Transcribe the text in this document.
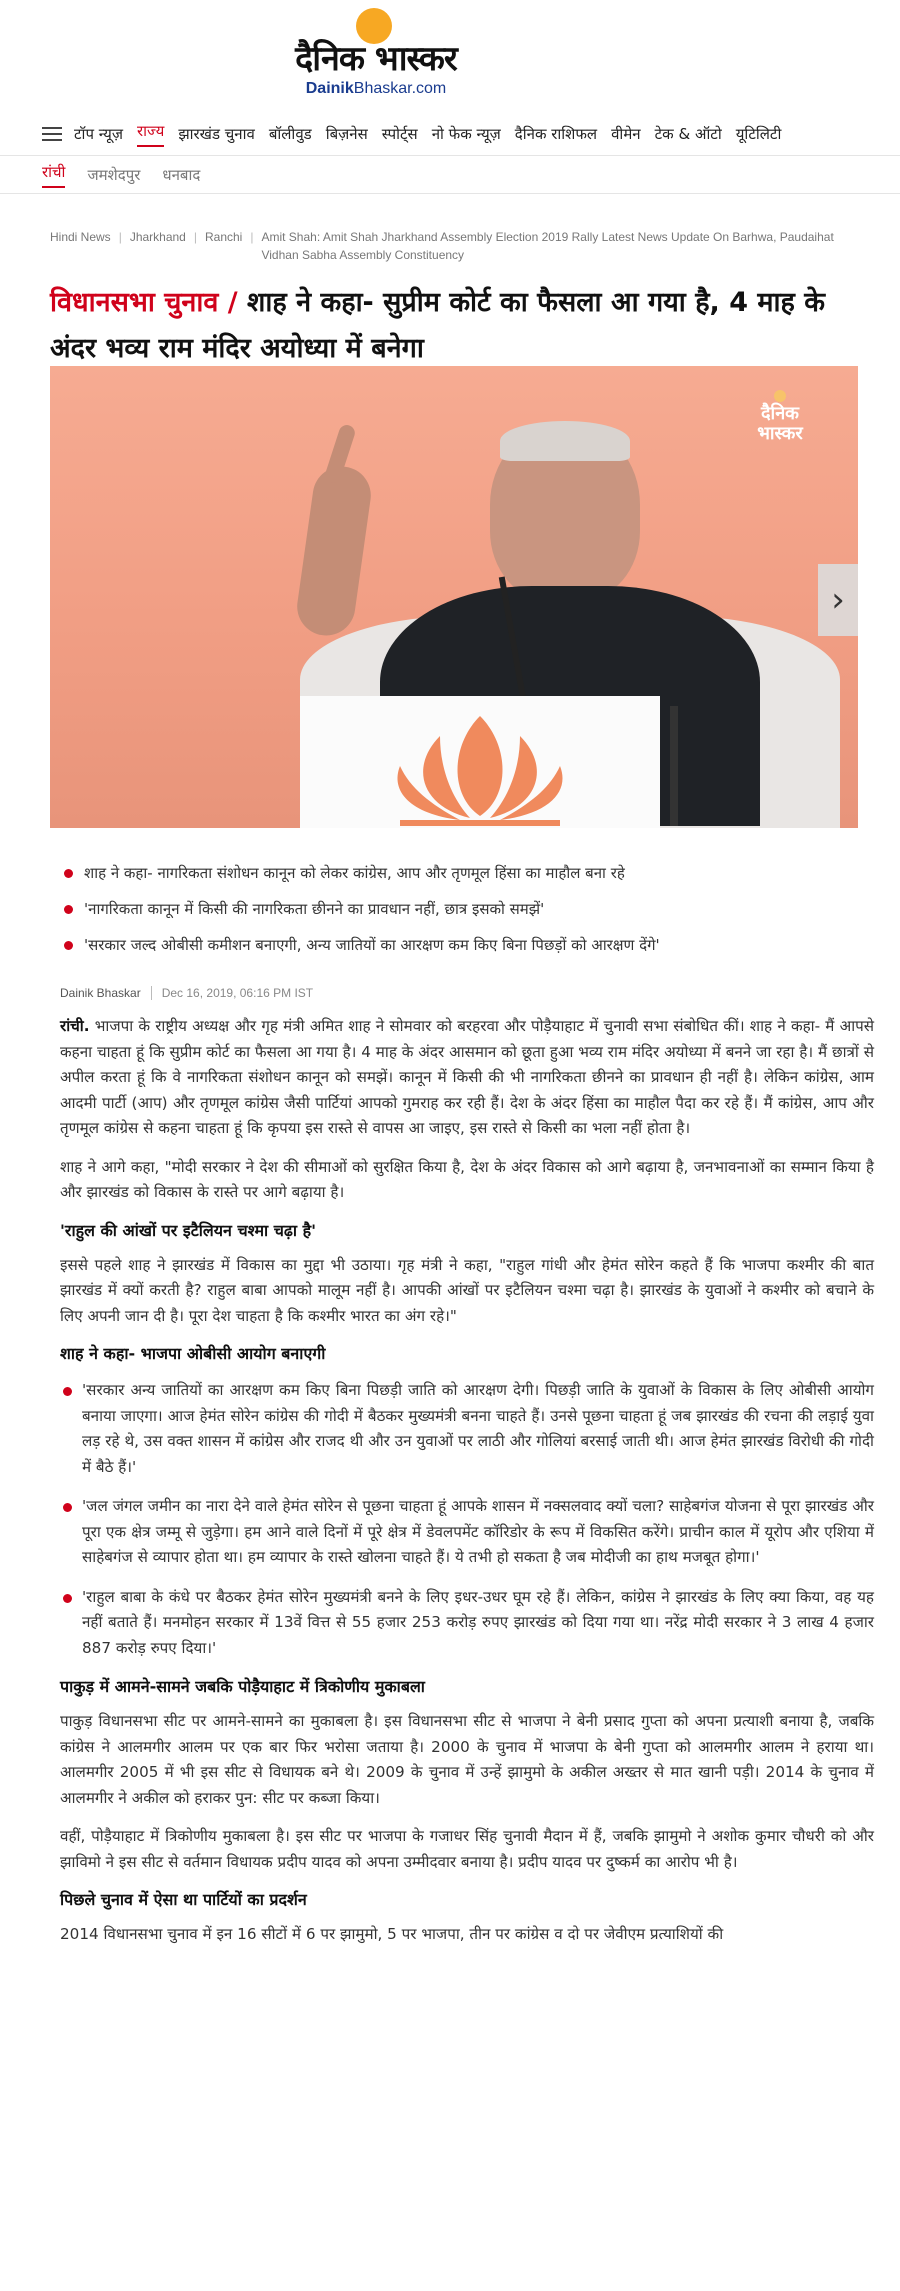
दैनिक भास्कर
DainikBhaskar.com
टॉप न्यूज़ राज्य झारखंड चुनाव बॉलीवुड बिज़नेस स्पोर्ट्स नो फेक न्यूज़ दैनिक राशिफल वीमेन टेक & ऑटो यूटिलिटी
रांची जमशेदपुर धनबाद
Hindi News | Jharkhand | Ranchi | Amit Shah: Amit Shah Jharkhand Assembly Election 2019 Rally Latest News Update On Barhwa, Paudaihat Vidhan Sabha Assembly Constituency
विधानसभा चुनाव / शाह ने कहा- सुप्रीम कोर्ट का फैसला आ गया है, 4 माह के अंदर भव्य राम मंदिर अयोध्या में बनेगा
दैनिक
भास्कर
›
शाह ने कहा- नागरिकता संशोधन कानून को लेकर कांग्रेस, आप और तृणमूल हिंसा का माहौल बना रहे
'नागरिकता कानून में किसी की नागरिकता छीनने का प्रावधान नहीं, छात्र इसको समझें'
'सरकार जल्द ओबीसी कमीशन बनाएगी, अन्य जातियों का आरक्षण कम किए बिना पिछड़ों को आरक्षण देंगे'
Dainik Bhaskar Dec 16, 2019, 06:16 PM IST

रांची. भाजपा के राष्ट्रीय अध्यक्ष और गृह मंत्री अमित शाह ने सोमवार को बरहरवा और पोड़ैयाहाट में चुनावी सभा संबोधित कीं। शाह ने कहा- मैं आपसे कहना चाहता हूं कि सुप्रीम कोर्ट का फैसला आ गया है। 4 माह के अंदर आसमान को छूता हुआ भव्य राम मंदिर अयोध्या में बनने जा रहा है। मैं छात्रों से अपील करता हूं कि वे नागरिकता संशोधन कानून को समझें। कानून में किसी की भी नागरिकता छीनने का प्रावधान ही नहीं है। लेकिन कांग्रेस, आम आदमी पार्टी (आप) और तृणमूल कांग्रेस जैसी पार्टियां आपको गुमराह कर रही हैं। देश के अंदर हिंसा का माहौल पैदा कर रहे हैं। मैं कांग्रेस, आप और तृणमूल कांग्रेस से कहना चाहता हूं कि कृपया इस रास्ते से वापस आ जाइए, इस रास्ते से किसी का भला नहीं होता है।

शाह ने आगे कहा, "मोदी सरकार ने देश की सीमाओं को सुरक्षित किया है, देश के अंदर विकास को आगे बढ़ाया है, जनभावनाओं का सम्मान किया है और झारखंड को विकास के रास्ते पर आगे बढ़ाया है।

'राहुल की आंखों पर इटैलियन चश्मा चढ़ा है'

इससे पहले शाह ने झारखंड में विकास का मुद्दा भी उठाया। गृह मंत्री ने कहा, "राहुल गांधी और हेमंत सोरेन कहते हैं कि भाजपा कश्मीर की बात झारखंड में क्यों करती है? राहुल बाबा आपको मालूम नहीं है। आपकी आंखों पर इटैलियन चश्मा चढ़ा है। झारखंड के युवाओं ने कश्मीर को बचाने के लिए अपनी जान दी है। पूरा देश चाहता है कि कश्मीर भारत का अंग रहे।"

शाह ने कहा- भाजपा ओबीसी आयोग बनाएगी
'सरकार अन्य जातियों का आरक्षण कम किए बिना पिछड़ी जाति को आरक्षण देगी। पिछड़ी जाति के युवाओं के विकास के लिए ओबीसी आयोग बनाया जाएगा। आज हेमंत सोरेन कांग्रेस की गोदी में बैठकर मुख्यमंत्री बनना चाहते हैं। उनसे पूछना चाहता हूं जब झारखंड की रचना की लड़ाई युवा लड़ रहे थे, उस वक्त शासन में कांग्रेस और राजद थी और उन युवाओं पर लाठी और गोलियां बरसाई जाती थी। आज हेमंत झारखंड विरोधी की गोदी में बैठे हैं।'
'जल जंगल जमीन का नारा देने वाले हेमंत सोरेन से पूछना चाहता हूं आपके शासन में नक्सलवाद क्यों चला? साहेबगंज योजना से पूरा झारखंड और पूरा एक क्षेत्र जम्मू से जुड़ेगा। हम आने वाले दिनों में पूरे क्षेत्र में डेवलपमेंट कॉरिडोर के रूप में विकसित करेंगे। प्राचीन काल में यूरोप और एशिया में साहेबगंज से व्यापार होता था। हम व्यापार के रास्ते खोलना चाहते हैं। ये तभी हो सकता है जब मोदीजी का हाथ मजबूत होगा।'
'राहुल बाबा के कंधे पर बैठकर हेमंत सोरेन मुख्यमंत्री बनने के लिए इधर-उधर घूम रहे हैं। लेकिन, कांग्रेस ने झारखंड के लिए क्या किया, वह यह नहीं बताते हैं। मनमोहन सरकार में 13वें वित्त से 55 हजार 253 करोड़ रुपए झारखंड को दिया गया था। नरेंद्र मोदी सरकार ने 3 लाख 4 हजार 887 करोड़ रुपए दिया।'
पाकुड़ में आमने-सामने जबकि पोड़ैयाहाट में त्रिकोणीय मुकाबला

पाकुड़ विधानसभा सीट पर आमने-सामने का मुकाबला है। इस विधानसभा सीट से भाजपा ने बेनी प्रसाद गुप्ता को अपना प्रत्याशी बनाया है, जबकि कांग्रेस ने आलमगीर आलम पर एक बार फिर भरोसा जताया है। 2000 के चुनाव में भाजपा के बेनी गुप्ता को आलमगीर आलम ने हराया था। आलमगीर 2005 में भी इस सीट से विधायक बने थे। 2009 के चुनाव में उन्हें झामुमो के अकील अख्तर से मात खानी पड़ी। 2014 के चुनाव में आलमगीर ने अकील को हराकर पुन: सीट पर कब्जा किया।

वहीं, पोड़ैयाहाट में त्रिकोणीय मुकाबला है। इस सीट पर भाजपा के गजाधर सिंह चुनावी मैदान में हैं, जबकि झामुमो ने अशोक कुमार चौधरी को और झाविमो ने इस सीट से वर्तमान विधायक प्रदीप यादव को अपना उम्मीदवार बनाया है। प्रदीप यादव पर दुष्कर्म का आरोप भी है।

पिछले चुनाव में ऐसा था पार्टियों का प्रदर्शन

2014 विधानसभा चुनाव में इन 16 सीटों में 6 पर झामुमो, 5 पर भाजपा, तीन पर कांग्रेस व दो पर जेवीएम प्रत्याशियों की
